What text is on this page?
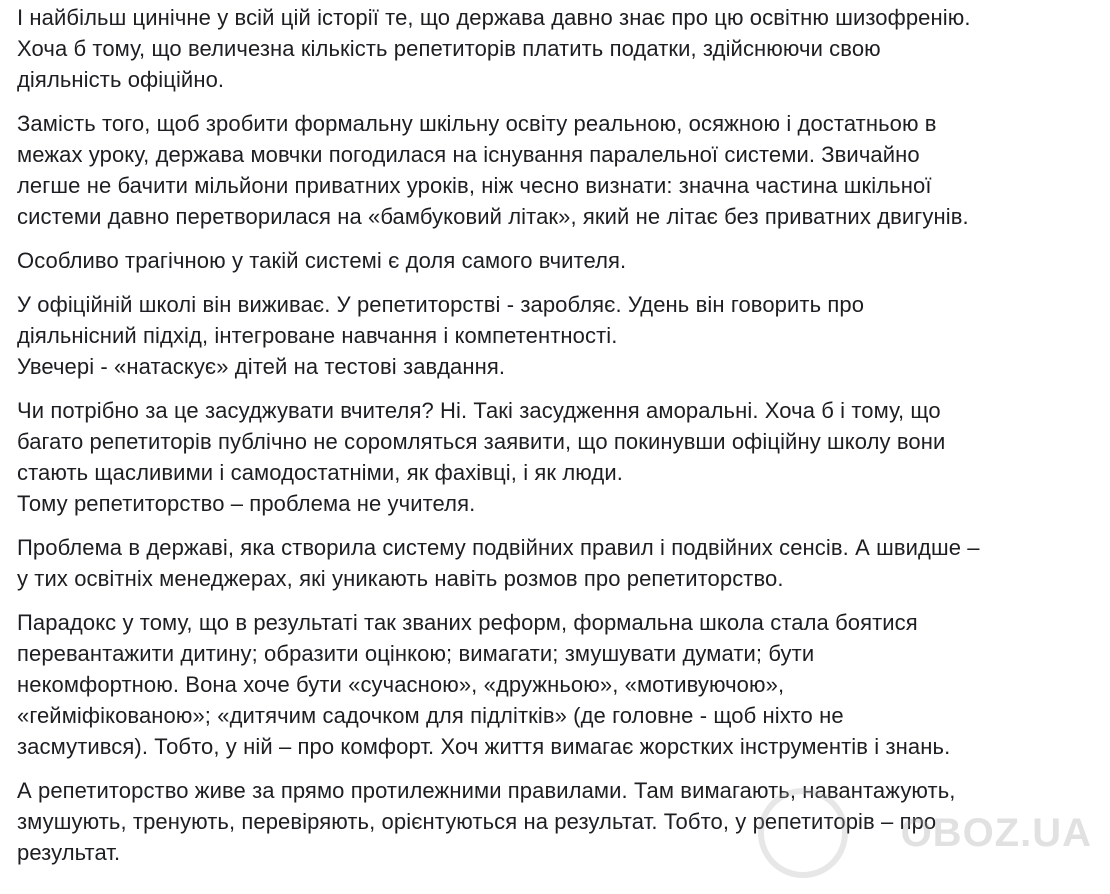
І найбільш цинічне у всій цій історії те, що держава давно знає про цю освітню шизофренію.
Хоча б тому, що величезна кількість репетиторів платить податки, здійснюючи свою
діяльність офіційно.

Замість того, щоб зробити формальну шкільну освіту реальною, осяжною і достатньою в
межах уроку, держава мовчки погодилася на існування паралельної системи. Звичайно
легше не бачити мільйони приватних уроків, ніж чесно визнати: значна частина шкільної
системи давно перетворилася на «бамбуковий літак», який не літає без приватних двигунів.

Особливо трагічною у такій системі є доля самого вчителя.

У офіційній школі він виживає. У репетиторстві - заробляє. Удень він говорить про
діяльнісний підхід, інтегроване навчання і компетентності.
Увечері - «натаскує» дітей на тестові завдання.

Чи потрібно за це засуджувати вчителя? Ні. Такі засудження аморальні. Хоча б і тому, що
багато репетиторів публічно не соромляться заявити, що покинувши офіційну школу вони
стають щасливими і самодостатніми, як фахівці, і як люди.
Тому репетиторство – проблема не учителя.

Проблема в державі, яка створила систему подвійних правил і подвійних сенсів. А швидше –
у тих освітніх менеджерах, які уникають навіть розмов про репетиторство.

Парадокс у тому, що в результаті так званих реформ, формальна школа стала боятися
перевантажити дитину; образити оцінкою; вимагати; змушувати думати; бути
некомфортною. Вона хоче бути «сучасною», «дружньою», «мотивуючою»,
«гейміфікованою»; «дитячим садочком для підлітків» (де головне - щоб ніхто не
засмутився). Тобто, у ній – про комфорт. Хоч життя вимагає жорстких інструментів і знань.

А репетиторство живе за прямо протилежними правилами. Там вимагають, навантажують,
змушують, тренують, перевіряють, орієнтуються на результат. Тобто, у репетиторів – про
результат.	OBOZ.UA
